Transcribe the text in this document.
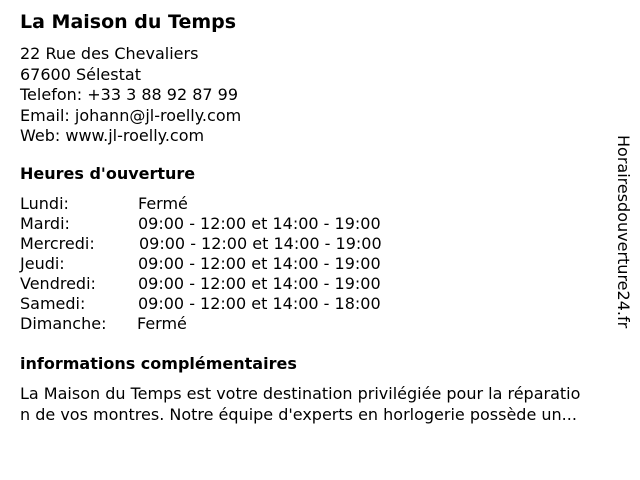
La Maison du Temps
22 Rue des Chevaliers
67600 Sélestat
Telefon: +33 3 88 92 87 99
Email: johann@jl-roelly.com
Web: www.jl-roelly.com
Heures d'ouverture
Lundi:	Fermé
Mardi:	09:00 - 12:00 et 14:00 - 19:00
Mercredi:	09:00 - 12:00 et 14:00 - 19:00
Jeudi:	09:00 - 12:00 et 14:00 - 19:00
Vendredi:	09:00 - 12:00 et 14:00 - 19:00
Samedi:	09:00 - 12:00 et 14:00 - 18:00
Dimanche: Fermé
informations complémentaires
La Maison du Temps est votre destination privilégiée pour la réparatio
n de vos montres. Notre équipe d'experts en horlogerie possède un...
Horairesdouverture24.fr
